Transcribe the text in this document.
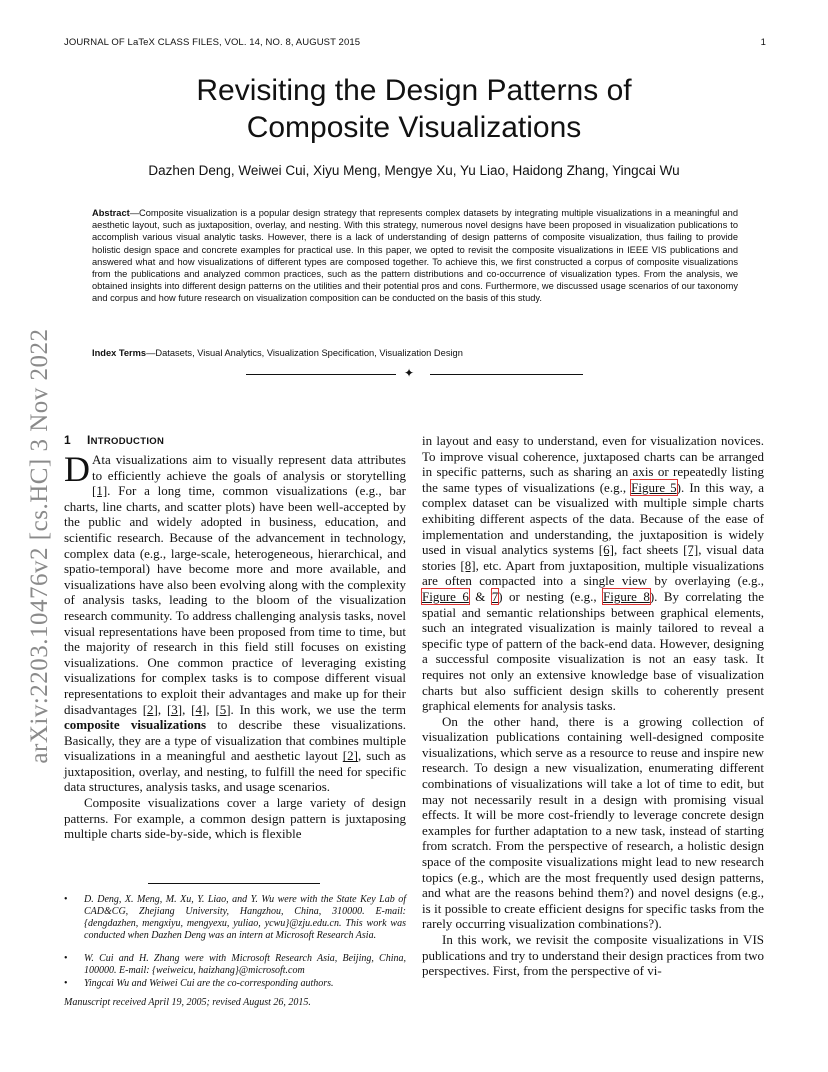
JOURNAL OF LaTeX CLASS FILES, VOL. 14, NO. 8, AUGUST 2015	1
Revisiting the Design Patterns of
Composite Visualizations
Dazhen Deng, Weiwei Cui, Xiyu Meng, Mengye Xu, Yu Liao, Haidong Zhang, Yingcai Wu
Abstract—Composite visualization is a popular design strategy that represents complex datasets by integrating multiple visualizations in a meaningful and aesthetic layout, such as juxtaposition, overlay, and nesting. With this strategy, numerous novel designs have been proposed in visualization publications to accomplish various visual analytic tasks. However, there is a lack of understanding of design patterns of composite visualization, thus failing to provide holistic design space and concrete examples for practical use. In this paper, we opted to revisit the composite visualizations in IEEE VIS publications and answered what and how visualizations of different types are composed together. To achieve this, we first constructed a corpus of composite visualizations from the publications and analyzed common practices, such as the pattern distributions and co-occurrence of visualization types. From the analysis, we obtained insights into different design patterns on the utilities and their potential pros and cons. Furthermore, we discussed usage scenarios of our taxonomy and corpus and how future research on visualization composition can be conducted on the basis of this study.
Index Terms—Datasets, Visual Analytics, Visualization Specification, Visualization Design
✦
arXiv:2203.10476v2 [cs.HC] 3 Nov 2022 1 INTRODUCTION

D Ata visualizations aim to visually represent data attributes to efficiently achieve the goals of analysis or storytelling [1]. For a long time, common visualizations (e.g., bar charts, line charts, and scatter plots) have been well-accepted by the public and widely adopted in business, education, and scientific research. Because of the advancement in technology, complex data (e.g., large-scale, heterogeneous, hierarchical, and spatio-temporal) have become more and more available, and visualizations have also been evolving along with the complexity of analysis tasks, leading to the bloom of the visualization research community. To address challenging analysis tasks, novel visual representations have been proposed from time to time, but the majority of research in this field still focuses on existing visualizations. One common practice of leveraging existing visualizations for complex tasks is to compose different visual representations to exploit their advantages and make up for their disadvantages [2], [3], [4], [5]. In this work, we use the term composite visualizations to describe these visualizations. Basically, they are a type of visualization that combines multiple visualizations in a meaningful and aesthetic layout [2], such as juxtaposition, overlay, and nesting, to fulfill the need for specific data structures, analysis tasks, and usage scenarios.

Composite visualizations cover a large variety of design patterns. For example, a common design pattern is juxtaposing multiple charts side-by-side, which is flexible

• D. Deng, X. Meng, M. Xu, Y. Liao, and Y. Wu were with the State Key Lab of CAD&CG, Zhejiang University, Hangzhou, China, 310000. E-mail: {dengdazhen, mengxiyu, mengyexu, yuliao, ycwu}@zju.edu.cn. This work was conducted when Dazhen Deng was an intern at Microsoft Research Asia.
• W. Cui and H. Zhang were with Microsoft Research Asia, Beijing, China, 100000. E-mail: {weiweicu, haizhang}@microsoft.com
• Yingcai Wu and Weiwei Cui are the co-corresponding authors.
Manuscript received April 19, 2005; revised August 26, 2015.

in layout and easy to understand, even for visualization novices. To improve visual coherence, juxtaposed charts can be arranged in specific patterns, such as sharing an axis or repeatedly listing the same types of visualizations (e.g., Figure 5). In this way, a complex dataset can be visualized with multiple simple charts exhibiting different aspects of the data. Because of the ease of implementation and understanding, the juxtaposition is widely used in visual analytics systems [6], fact sheets [7], visual data stories [8], etc. Apart from juxtaposition, multiple visualizations are often compacted into a single view by overlaying (e.g., Figure 6 & 7) or nesting (e.g., Figure 8). By correlating the spatial and semantic relationships between graphical elements, such an integrated visualization is mainly tailored to reveal a specific type of pattern of the back-end data. However, designing a successful composite visualization is not an easy task. It requires not only an extensive knowledge base of visualization charts but also sufficient design skills to coherently present graphical elements for analysis tasks.

On the other hand, there is a growing collection of visualization publications containing well-designed composite visualizations, which serve as a resource to reuse and inspire new research. To design a new visualization, enumerating different combinations of visualizations will take a lot of time to edit, but may not necessarily result in a design with promising visual effects. It will be more cost-friendly to leverage concrete design examples for further adaptation to a new task, instead of starting from scratch. From the perspective of research, a holistic design space of the composite visualizations might lead to new research topics (e.g., which are the most frequently used design patterns, and what are the reasons behind them?) and novel designs (e.g., is it possible to create efficient designs for specific tasks from the rarely occurring visualization combinations?).

In this work, we revisit the composite visualizations in VIS publications and try to understand their design practices from two perspectives. First, from the perspective of vi-
